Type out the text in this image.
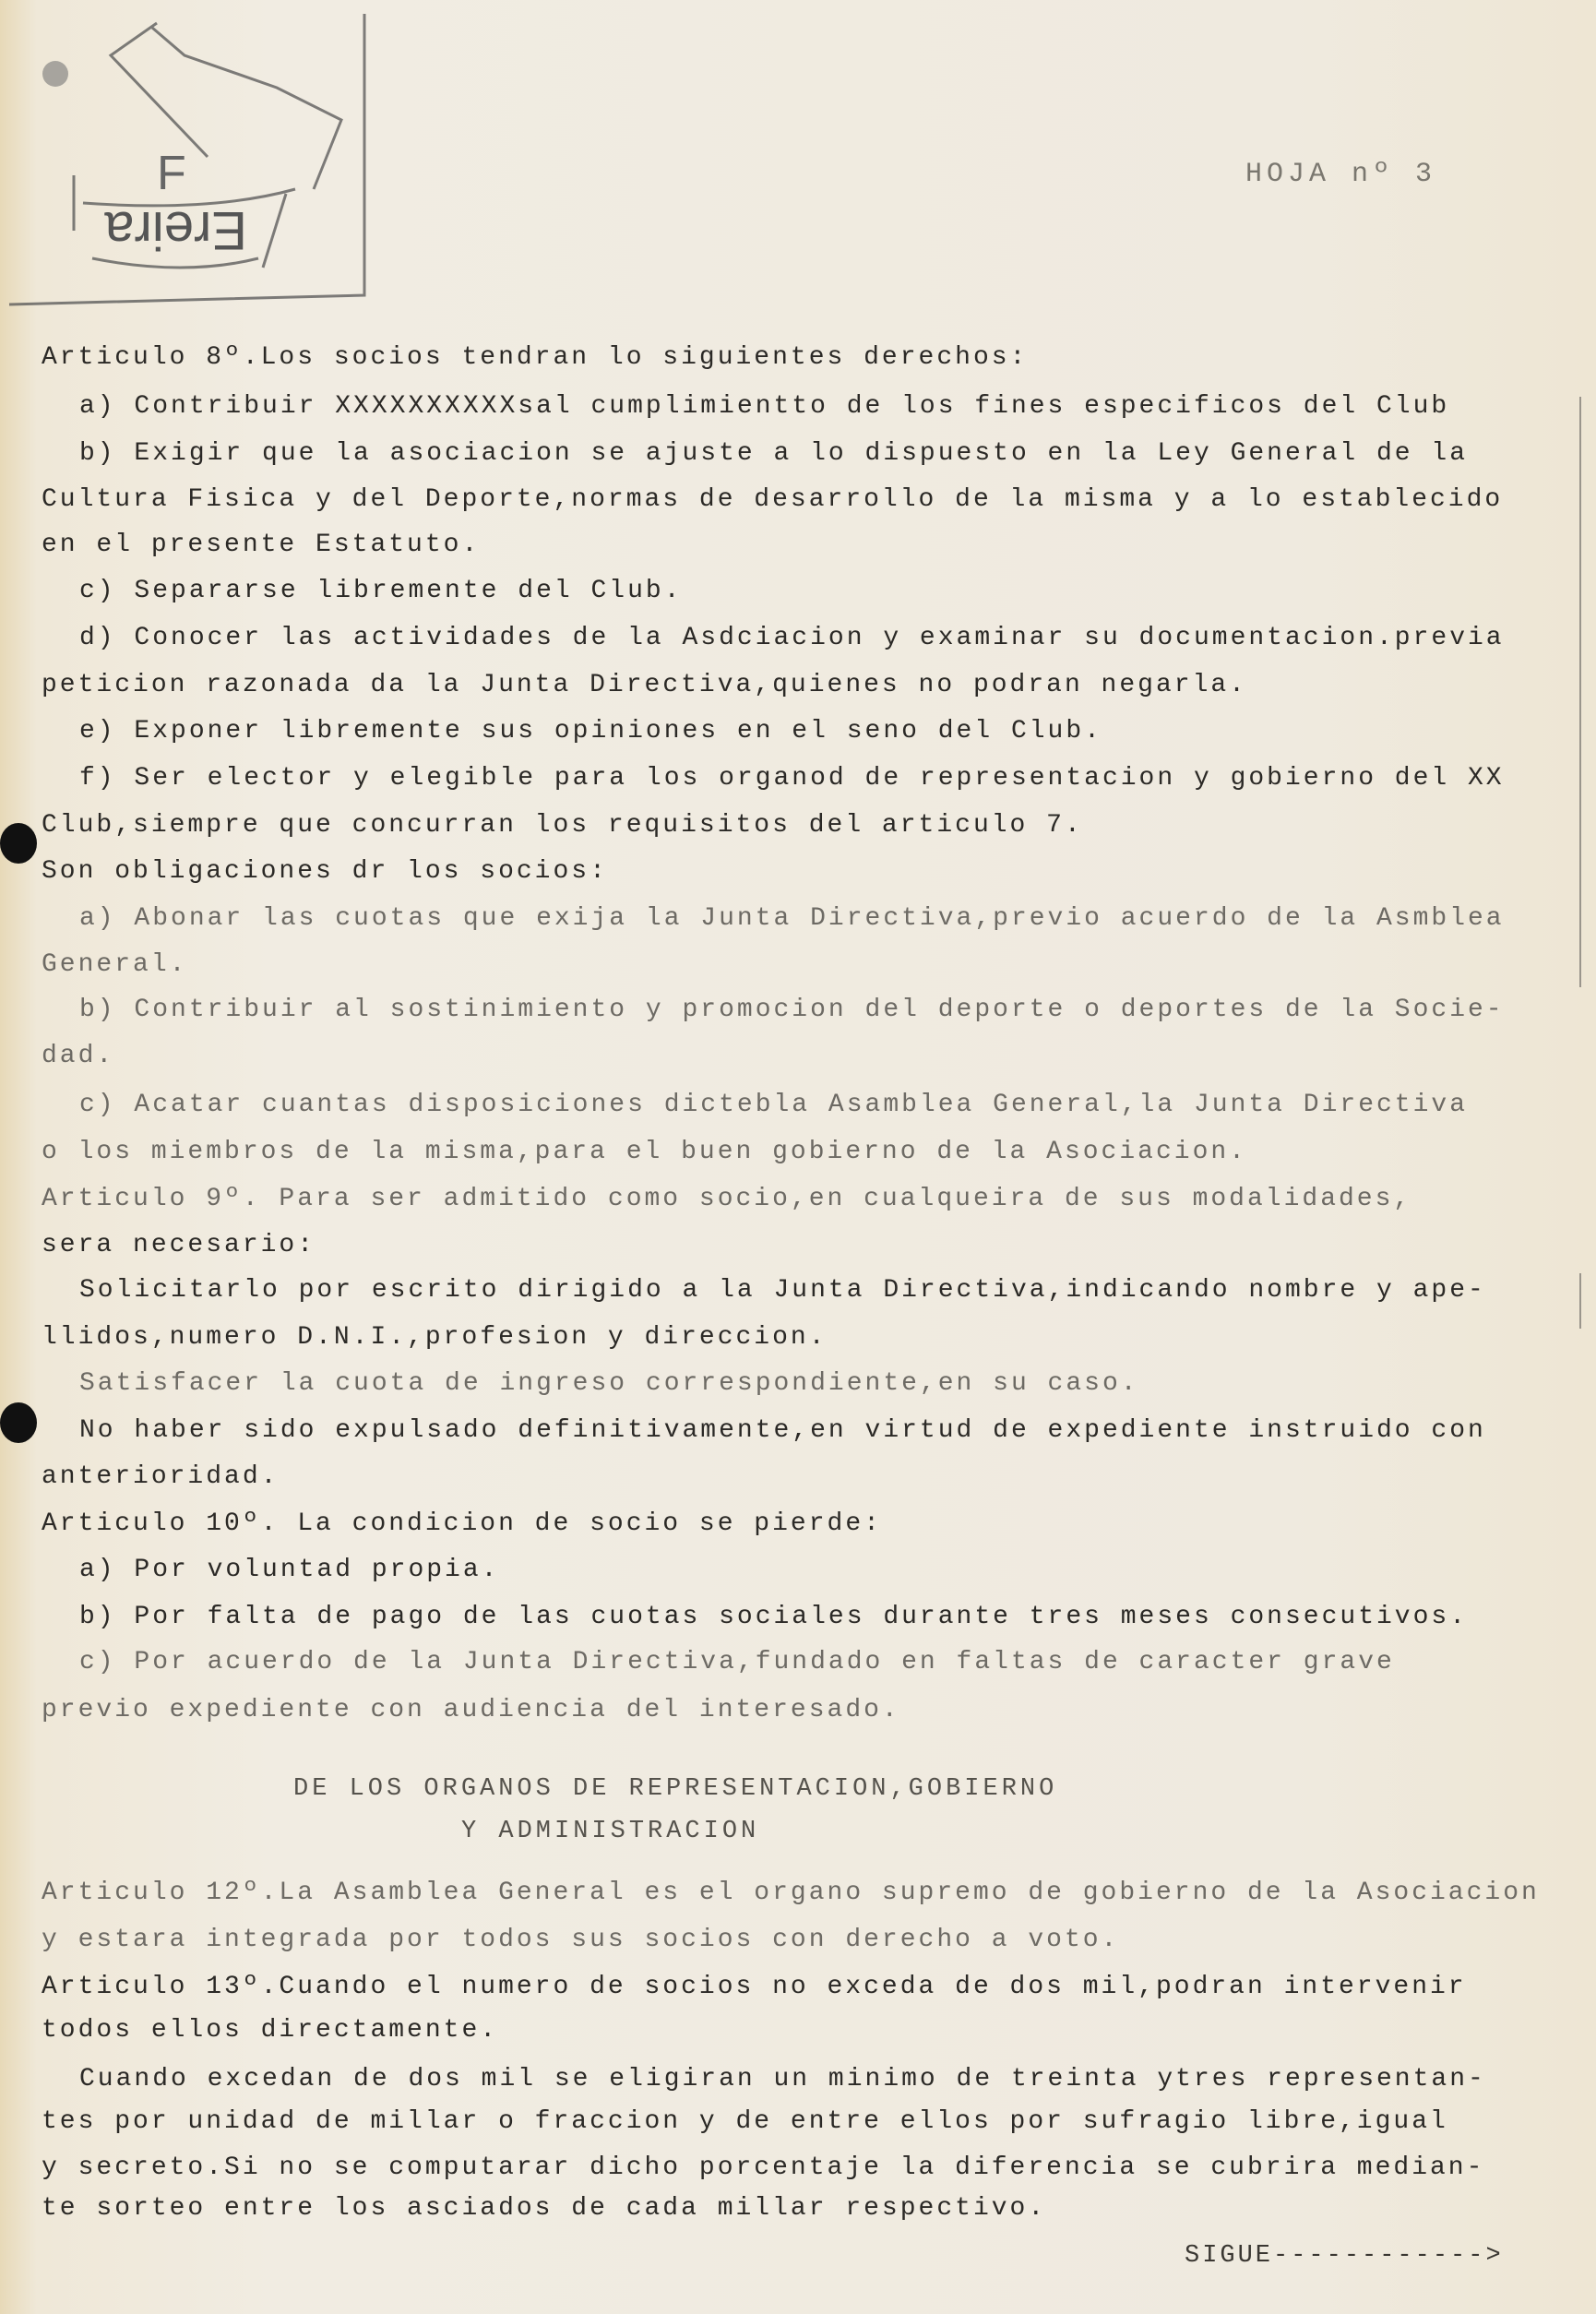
F
Ereira
HOJA nº 3
Articulo 8º.Los socios tendran lo siguientes derechos:
a) Contribuir XXXXXXXXXXsal cumplimientto de los fines especificos del Club
b) Exigir que la asociacion se ajuste a lo dispuesto en la Ley General de la
Cultura Fisica y del Deporte,normas de desarrollo de la misma y a lo establecido
en el presente Estatuto.
c) Separarse libremente del Club.
d) Conocer las actividades de la Asdciacion y examinar su documentacion.previa
peticion razonada da la Junta Directiva,quienes no podran negarla.
e) Exponer libremente sus opiniones en el seno del Club.
f) Ser elector y elegible para los organod de representacion y gobierno del XX
Club,siempre que concurran los requisitos del articulo 7.
Son obligaciones dr los socios:
a) Abonar las cuotas que exija la Junta Directiva,previo acuerdo de la Asmblea
General.
b) Contribuir al sostinimiento y promocion del deporte o deportes de la Socie-
dad.
c) Acatar cuantas disposiciones dictebla Asamblea General,la Junta Directiva
o los miembros de la misma,para el buen gobierno de la Asociacion.
Articulo 9º. Para ser admitido como socio,en cualqueira de sus modalidades,
sera necesario:
Solicitarlo por escrito dirigido a la Junta Directiva,indicando nombre y ape-
llidos,numero D.N.I.,profesion y direccion.
Satisfacer la cuota de ingreso correspondiente,en su caso.
No haber sido expulsado definitivamente,en virtud de expediente instruido con
anterioridad.
Articulo 10º. La condicion de socio se pierde:
a) Por voluntad propia.
b) Por falta de pago de las cuotas sociales durante tres meses consecutivos.
c) Por acuerdo de la Junta Directiva,fundado en faltas de caracter grave
previo expediente con audiencia del interesado.
DE LOS ORGANOS DE REPRESENTACION,GOBIERNO
Y ADMINISTRACION
Articulo 12º.La Asamblea General es el organo supremo de gobierno de la Asociacion
y estara integrada por todos sus socios con derecho a voto.
Articulo 13º.Cuando el numero de socios no exceda de dos mil,podran intervenir
todos ellos directamente.
Cuando excedan de dos mil se eligiran un minimo de treinta ytres representan-
tes por unidad de millar o fraccion y de entre ellos por sufragio libre,igual
y secreto.Si no se computarar dicho porcentaje la diferencia se cubrira median-
te sorteo entre los asciados de cada millar respectivo.
SIGUE------------>
